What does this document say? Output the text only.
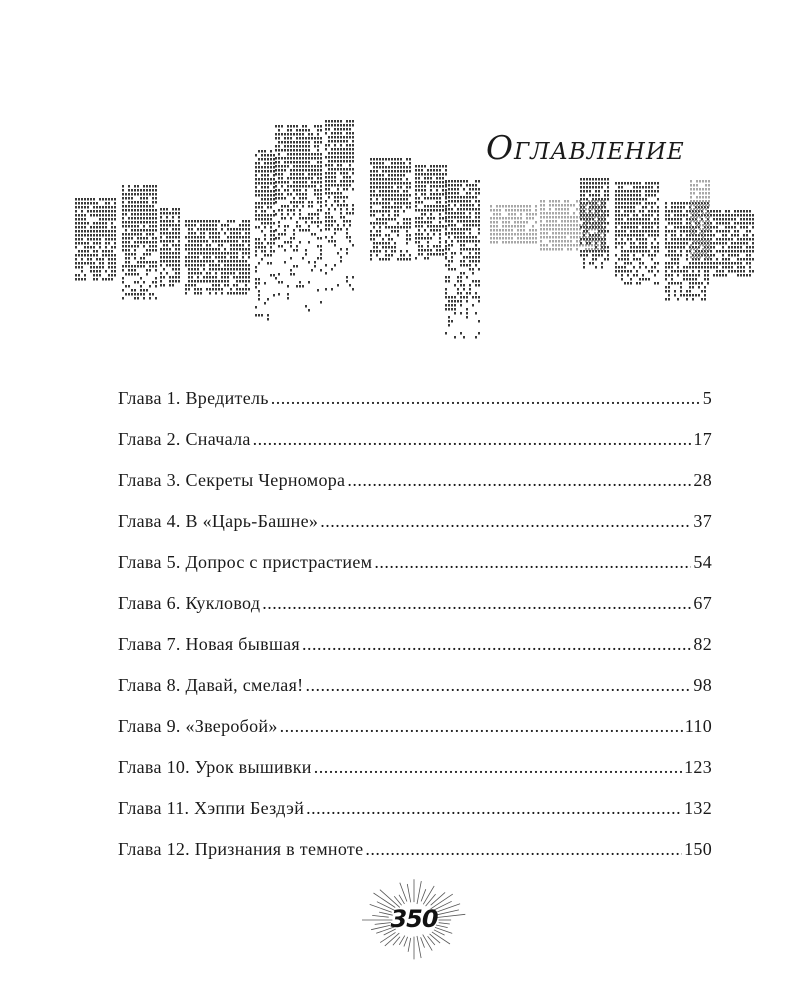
Оглавление
Глава 1. Вредитель .....	5
Глава 2. Сначала .....	17
Глава 3. Секреты Черномора .....	28
Глава 4. В «Царь-Башне» .....	37
Глава 5. Допрос с пристрастием .....	54
Глава 6. Кукловод .....	67
Глава 7. Новая бывшая .....	82
Глава 8. Давай, смелая! .....	98
Глава 9. «Зверобой» .....	110
Глава 10. Урок вышивки .....	123
Глава 11. Хэппи Бездэй .....	132
Глава 12. Признания в темноте .....	150
350
